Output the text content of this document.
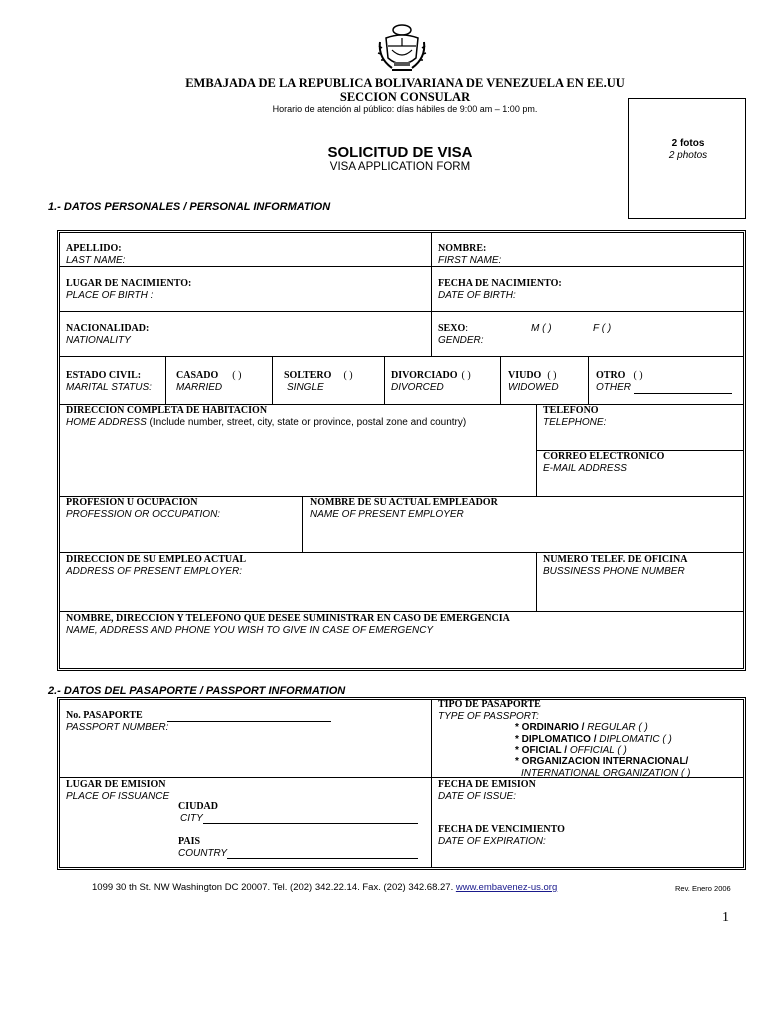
EMBAJADA DE LA REPUBLICA BOLIVARIANA DE VENEZUELA EN EE.UU
SECCION CONSULAR
Horario de atención al público: días hábiles de 9:00 am – 1:00 pm.
2 fotos
2 photos
SOLICITUD DE VISA
VISA APPLICATION FORM
1.- DATOS PERSONALES / PERSONAL INFORMATION
APELLIDO:
LAST NAME:
NOMBRE:
FIRST NAME:
LUGAR DE NACIMIENTO:
PLACE OF BIRTH :
FECHA DE NACIMIENTO:
DATE OF BIRTH:
NACIONALIDAD:
NATIONALITY
SEXO:
GENDER:
M ( )	F ( )
ESTADO CIVIL:
MARITAL STATUS:
CASADO ( )
MARRIED
SOLTERO ( )
SINGLE
DIVORCIADO ( )
DIVORCED
VIUDO ( )
WIDOWED
OTRO ( )
OTHER
DIRECCION COMPLETA DE HABITACION
HOME ADDRESS (Include number, street, city, state or province, postal zone and country)
TELEFONO
TELEPHONE:
CORREO ELECTRONICO
E-MAIL ADDRESS
PROFESION U OCUPACION
PROFESSION OR OCCUPATION:
NOMBRE DE SU ACTUAL EMPLEADOR
NAME OF PRESENT EMPLOYER
DIRECCION DE SU EMPLEO ACTUAL
ADDRESS OF PRESENT EMPLOYER:
NUMERO TELEF. DE OFICINA
BUSSINESS PHONE NUMBER
NOMBRE, DIRECCION Y TELEFONO QUE DESEE SUMINISTRAR EN CASO DE EMERGENCIA
NAME, ADDRESS AND PHONE YOU WISH TO GIVE IN CASE OF EMERGENCY
2.- DATOS DEL PASAPORTE / PASSPORT INFORMATION
No. PASAPORTE
PASSPORT NUMBER:
TIPO DE PASAPORTE
TYPE OF PASSPORT:
* ORDINARIO / REGULAR ( )
* DIPLOMATICO / DIPLOMATIC ( )
* OFICIAL / OFFICIAL ( )
* ORGANIZACION INTERNACIONAL/
INTERNATIONAL ORGANIZATION ( )
LUGAR DE EMISION
PLACE OF ISSUANCE
CIUDAD
CITY
PAIS
COUNTRY
FECHA DE EMISION
DATE OF ISSUE:
FECHA DE VENCIMIENTO
DATE OF EXPIRATION:
1099 30 th St. NW Washington DC 20007. Tel. (202) 342.22.14. Fax. (202) 342.68.27. www.embavenez-us.org	Rev. Enero 2006
1
